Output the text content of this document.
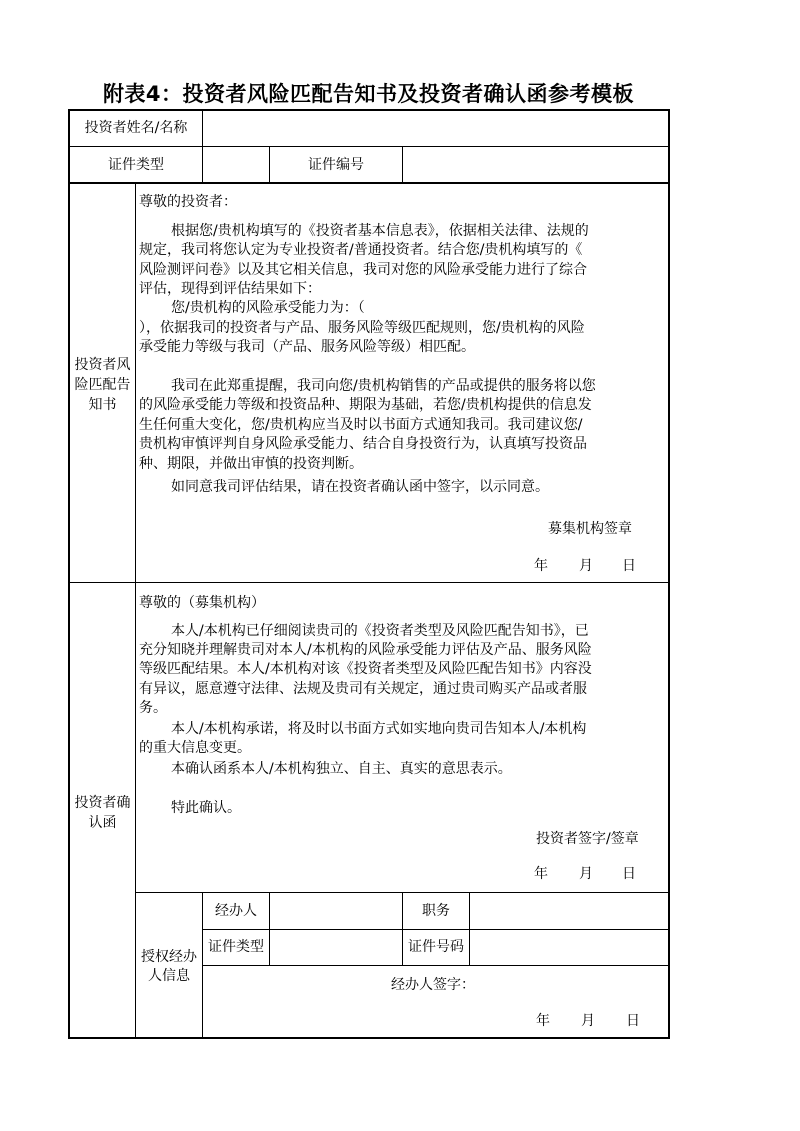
附表4：投资者风险匹配告知书及投资者确认函参考模板
投资者姓名/名称
证件类型	证件编号
投资者风
险匹配告
知书
尊敬的投资者：
根据您/贵机构填写的《投资者基本信息表》，依据相关法律、法规的
规定，我司将您认定为专业投资者/普通投资者。结合您/贵机构填写的《
风险测评问卷》以及其它相关信息，我司对您的风险承受能力进行了综合
评估，现得到评估结果如下：
您/贵机构的风险承受能力为：（
），依据我司的投资者与产品、服务风险等级匹配规则，您/贵机构的风险
承受能力等级与我司（产品、服务风险等级）相匹配。
我司在此郑重提醒，我司向您/贵机构销售的产品或提供的服务将以您
的风险承受能力等级和投资品种、期限为基础，若您/贵机构提供的信息发
生任何重大变化，您/贵机构应当及时以书面方式通知我司。我司建议您/
贵机构审慎评判自身风险承受能力、结合自身投资行为，认真填写投资品
种、期限，并做出审慎的投资判断。
如同意我司评估结果，请在投资者确认函中签字，以示同意。
募集机构签章
年 月 日
投资者确
认函
尊敬的（募集机构）
本人/本机构已仔细阅读贵司的《投资者类型及风险匹配告知书》，已
充分知晓并理解贵司对本人/本机构的风险承受能力评估及产品、服务风险
等级匹配结果。本人/本机构对该《投资者类型及风险匹配告知书》内容没
有异议，愿意遵守法律、法规及贵司有关规定，通过贵司购买产品或者服
务。
本人/本机构承诺，将及时以书面方式如实地向贵司告知本人/本机构
的重大信息变更。
本确认函系本人/本机构独立、自主、真实的意思表示。
特此确认。
投资者签字/签章
年 月 日
授权经办
人信息
经办人	职务
证件类型	证件号码
经办人签字：
年 月 日
